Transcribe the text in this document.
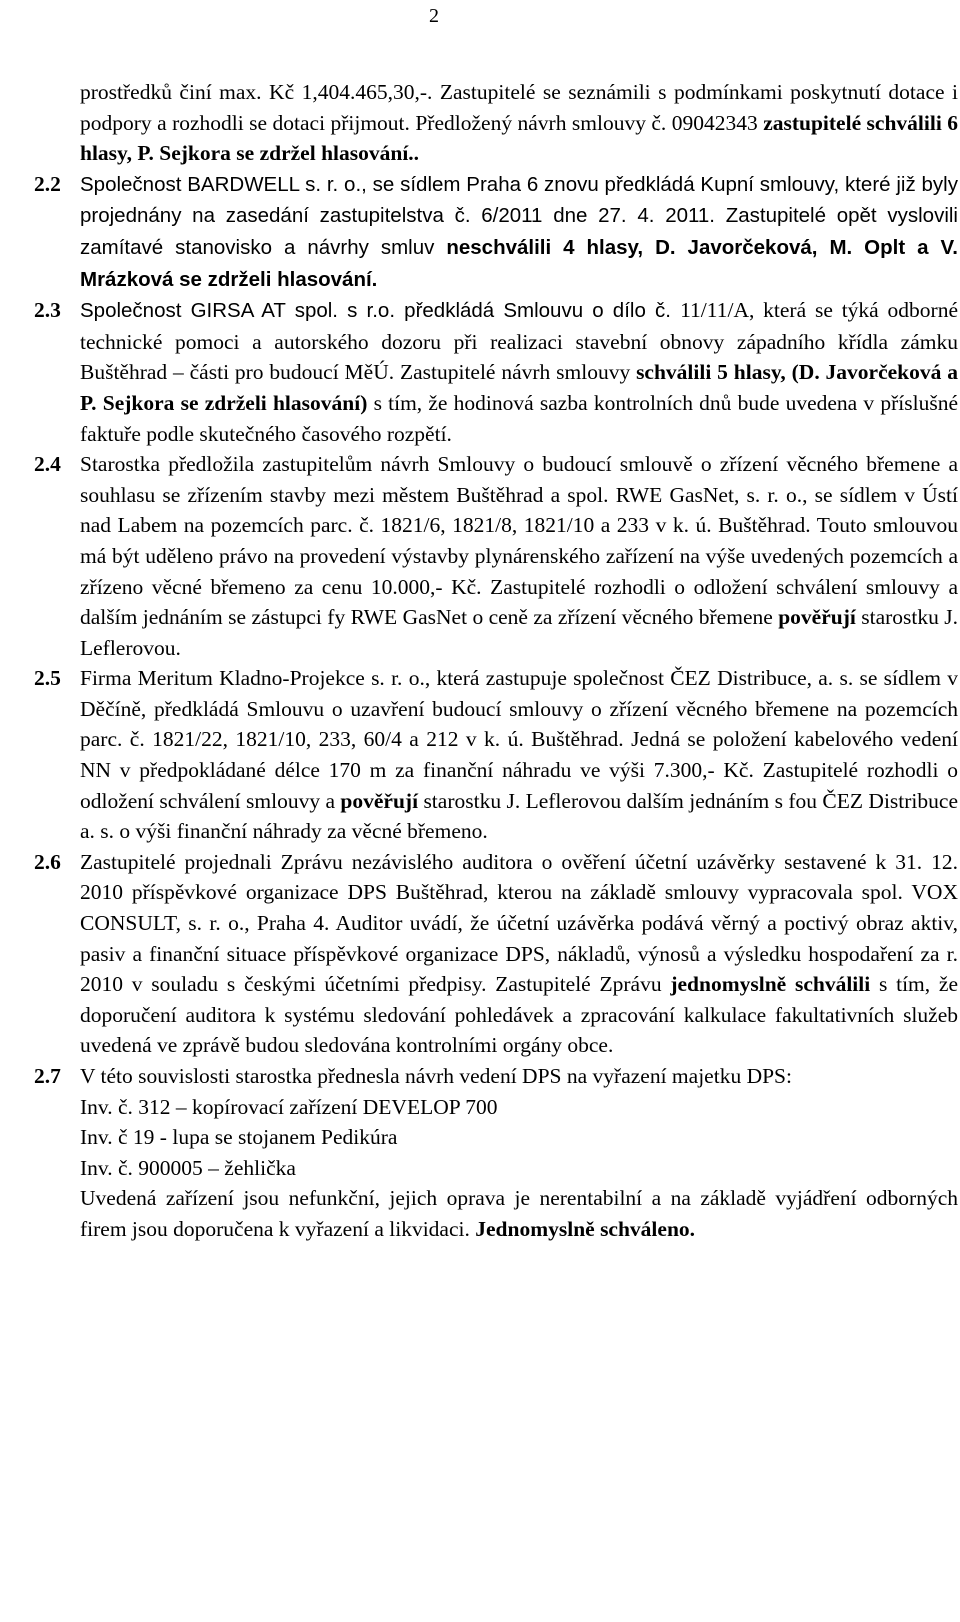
2
prostředků činí max. Kč 1,404.465,30,-. Zastupitelé se seznámili s podmínkami poskytnutí dotace i podpory a rozhodli se dotaci přijmout. Předložený návrh smlouvy č. 09042343 zastupitelé schválili 6 hlasy, P. Sejkora se zdržel hlasování..
2.2 Společnost BARDWELL s. r. o., se sídlem Praha 6 znovu předkládá Kupní smlouvy, které již byly projednány na zasedání zastupitelstva č. 6/2011 dne 27. 4. 2011. Zastupitelé opět vyslovili zamítavé stanovisko a návrhy smluv neschválili 4 hlasy, D. Javorčeková, M. Oplt a V. Mrázková se zdrželi hlasování.
2.3 Společnost GIRSA AT spol. s r.o. předkládá Smlouvu o dílo č. 11/11/A, která se týká odborné technické pomoci a autorského dozoru při realizaci stavební obnovy západního křídla zámku Buštěhrad – části pro budoucí MěÚ. Zastupitelé návrh smlouvy schválili 5 hlasy, (D. Javorčeková a P. Sejkora se zdrželi hlasování) s tím, že hodinová sazba kontrolních dnů bude uvedena v příslušné faktuře podle skutečného časového rozpětí.
2.4 Starostka předložila zastupitelům návrh Smlouvy o budoucí smlouvě o zřízení věcného břemene a souhlasu se zřízením stavby mezi městem Buštěhrad a spol. RWE GasNet, s. r. o., se sídlem v Ústí nad Labem na pozemcích parc. č. 1821/6, 1821/8, 1821/10 a 233 v k. ú. Buštěhrad. Touto smlouvou má být uděleno právo na provedení výstavby plynárenského zařízení na výše uvedených pozemcích a zřízeno věcné břemeno za cenu 10.000,- Kč. Zastupitelé rozhodli o odložení schválení smlouvy a dalším jednáním se zástupci fy RWE GasNet o ceně za zřízení věcného břemene pověřují starostku J. Leflerovou.
2.5 Firma Meritum Kladno-Projekce s. r. o., která zastupuje společnost ČEZ Distribuce, a. s. se sídlem v Děčíně, předkládá Smlouvu o uzavření budoucí smlouvy o zřízení věcného břemene na pozemcích parc. č. 1821/22, 1821/10, 233, 60/4 a 212 v k. ú. Buštěhrad. Jedná se položení kabelového vedení NN v předpokládané délce 170 m za finanční náhradu ve výši 7.300,- Kč. Zastupitelé rozhodli o odložení schválení smlouvy a pověřují starostku J. Leflerovou dalším jednáním s fou ČEZ Distribuce a. s. o výši finanční náhrady za věcné břemeno.
2.6 Zastupitelé projednali Zprávu nezávislého auditora o ověření účetní uzávěrky sestavené k 31. 12. 2010 příspěvkové organizace DPS Buštěhrad, kterou na základě smlouvy vypracovala spol. VOX CONSULT, s. r. o., Praha 4. Auditor uvádí, že účetní uzávěrka podává věrný a poctivý obraz aktiv, pasiv a finanční situace příspěvkové organizace DPS, nákladů, výnosů a výsledku hospodaření za r. 2010 v souladu s českými účetními předpisy. Zastupitelé Zprávu jednomyslně schválili s tím, že doporučení auditora k systému sledování pohledávek a zpracování kalkulace fakultativních služeb uvedená ve zprávě budou sledována kontrolními orgány obce.
2.7 V této souvislosti starostka přednesla návrh vedení DPS na vyřazení majetku DPS:
Inv. č. 312 – kopírovací zařízení DEVELOP 700
Inv. č 19 - lupa se stojanem Pedikúra
Inv. č. 900005 – žehlička
Uvedená zařízení jsou nefunkční, jejich oprava je nerentabilní a na základě vyjádření odborných firem jsou doporučena k vyřazení a likvidaci. Jednomyslně schváleno.
